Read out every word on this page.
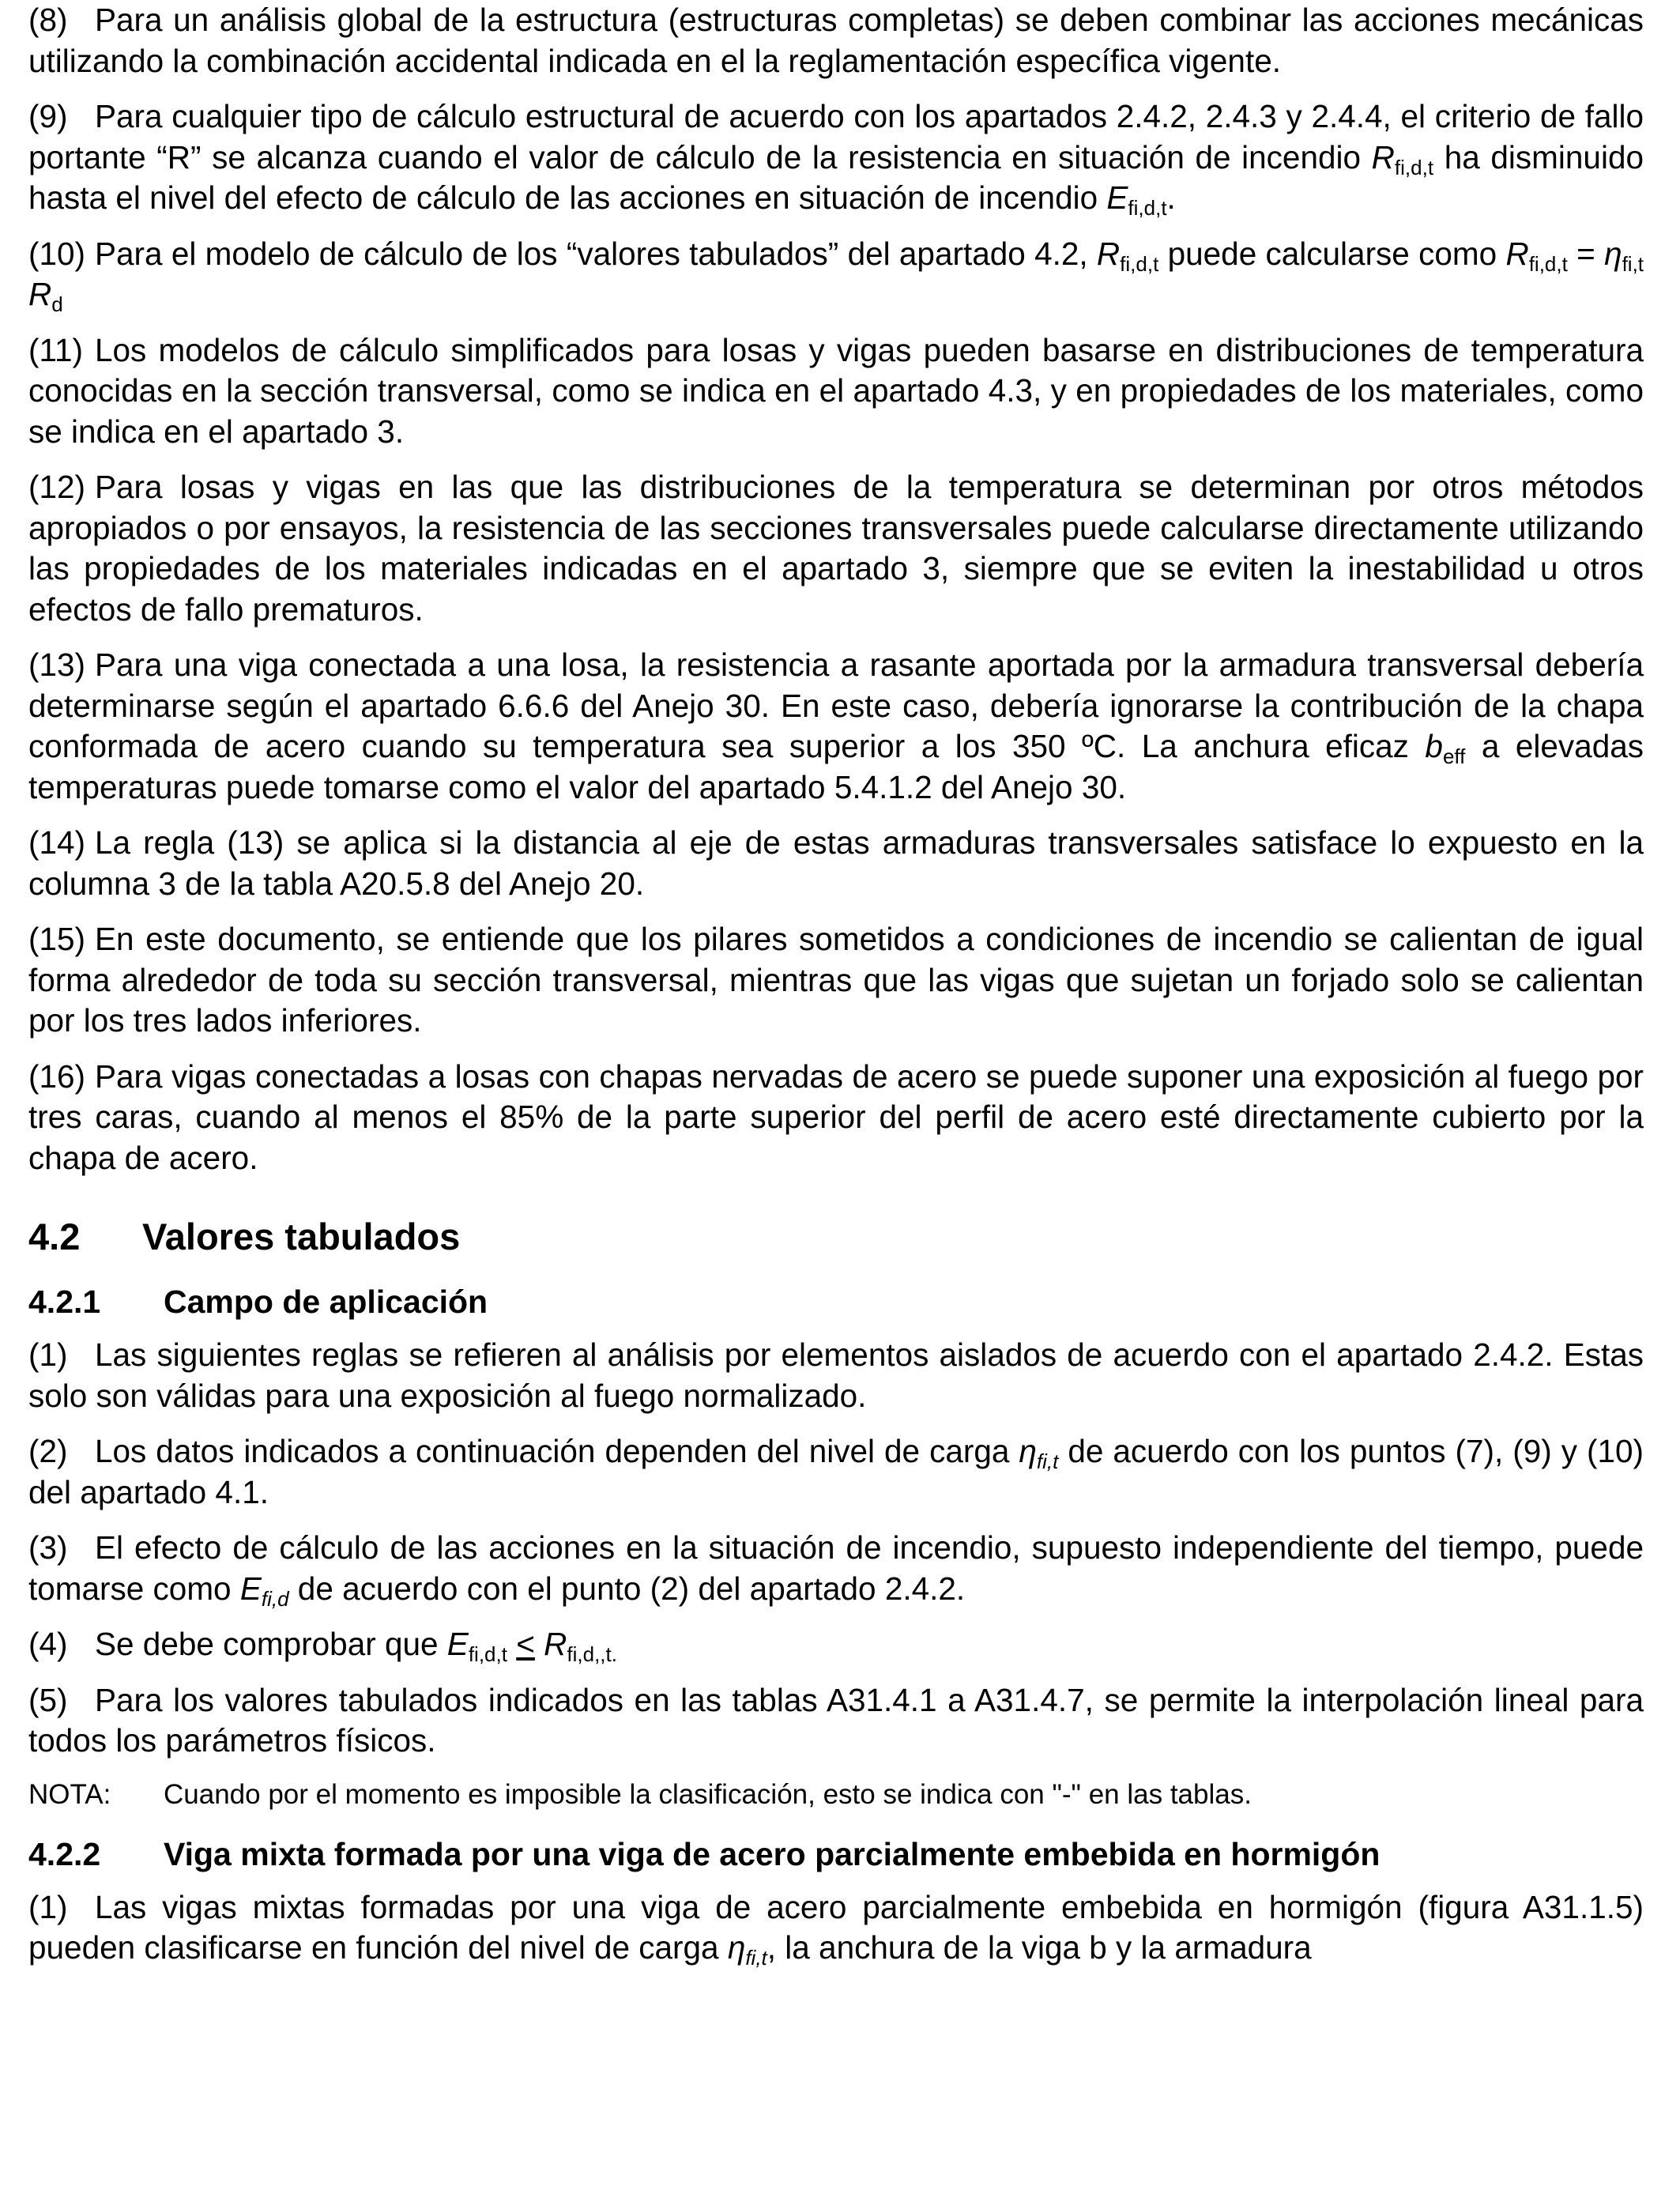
(8) Para un análisis global de la estructura (estructuras completas) se deben combinar las acciones mecánicas utilizando la combinación accidental indicada en el la reglamentación específica vigente.

(9) Para cualquier tipo de cálculo estructural de acuerdo con los apartados 2.4.2, 2.4.3 y 2.4.4, el criterio de fallo portante “R” se alcanza cuando el valor de cálculo de la resistencia en situación de incendio $R_{fi,d,t}$ ha disminuido hasta el nivel del efecto de cálculo de las acciones en situación de incendio $E_{fi,d,t}$.

(10) Para el modelo de cálculo de los “valores tabulados” del apartado 4.2, $R_{fi,d,t}$ puede calcularse como $R_{fi,d,t} = \eta_{fi,t}$ $R_d$

(11) Los modelos de cálculo simplificados para losas y vigas pueden basarse en distribuciones de temperatura conocidas en la sección transversal, como se indica en el apartado 4.3, y en propiedades de los materiales, como se indica en el apartado 3.

(12) Para losas y vigas en las que las distribuciones de la temperatura se determinan por otros métodos apropiados o por ensayos, la resistencia de las secciones transversales puede calcularse directamente utilizando las propiedades de los materiales indicadas en el apartado 3, siempre que se eviten la inestabilidad u otros efectos de fallo prematuros.

(13) Para una viga conectada a una losa, la resistencia a rasante aportada por la armadura transversal debería determinarse según el apartado 6.6.6 del Anejo 30. En este caso, debería ignorarse la contribución de la chapa conformada de acero cuando su temperatura sea superior a los 350 ºC. La anchura eficaz $b_{eff}$ a elevadas temperaturas puede tomarse como el valor del apartado 5.4.1.2 del Anejo 30.

(14) La regla (13) se aplica si la distancia al eje de estas armaduras transversales satisface lo expuesto en la columna 3 de la tabla A20.5.8 del Anejo 20.

(15) En este documento, se entiende que los pilares sometidos a condiciones de incendio se calientan de igual forma alrededor de toda su sección transversal, mientras que las vigas que sujetan un forjado solo se calientan por los tres lados inferiores.

(16) Para vigas conectadas a losas con chapas nervadas de acero se puede suponer una exposición al fuego por tres caras, cuando al menos el 85% de la parte superior del perfil de acero esté directamente cubierto por la chapa de acero.

4.2 Valores tabulados
4.2.1 Campo de aplicación

(1) Las siguientes reglas se refieren al análisis por elementos aislados de acuerdo con el apartado 2.4.2. Estas solo son válidas para una exposición al fuego normalizado.

(2) Los datos indicados a continuación dependen del nivel de carga $\eta_{fi,t}$ de acuerdo con los puntos (7), (9) y (10) del apartado 4.1.

(3) El efecto de cálculo de las acciones en la situación de incendio, supuesto independiente del tiempo, puede tomarse como $E_{fi,d}$ de acuerdo con el punto (2) del apartado 2.4.2.

(4) Se debe comprobar que $E_{fi,d,t} \le R_{fi,d,,t.}$

(5) Para los valores tabulados indicados en las tablas A31.4.1 a A31.4.7, se permite la interpolación lineal para todos los parámetros físicos.

NOTA: Cuando por el momento es imposible la clasificación, esto se indica con "-" en las tablas.

4.2.2 Viga mixta formada por una viga de acero parcialmente embebida en hormigón

(1) Las vigas mixtas formadas por una viga de acero parcialmente embebida en hormigón (figura A31.1.5) pueden clasificarse en función del nivel de carga $\eta_{fi,t}$, la anchura de la viga b y la armadura
